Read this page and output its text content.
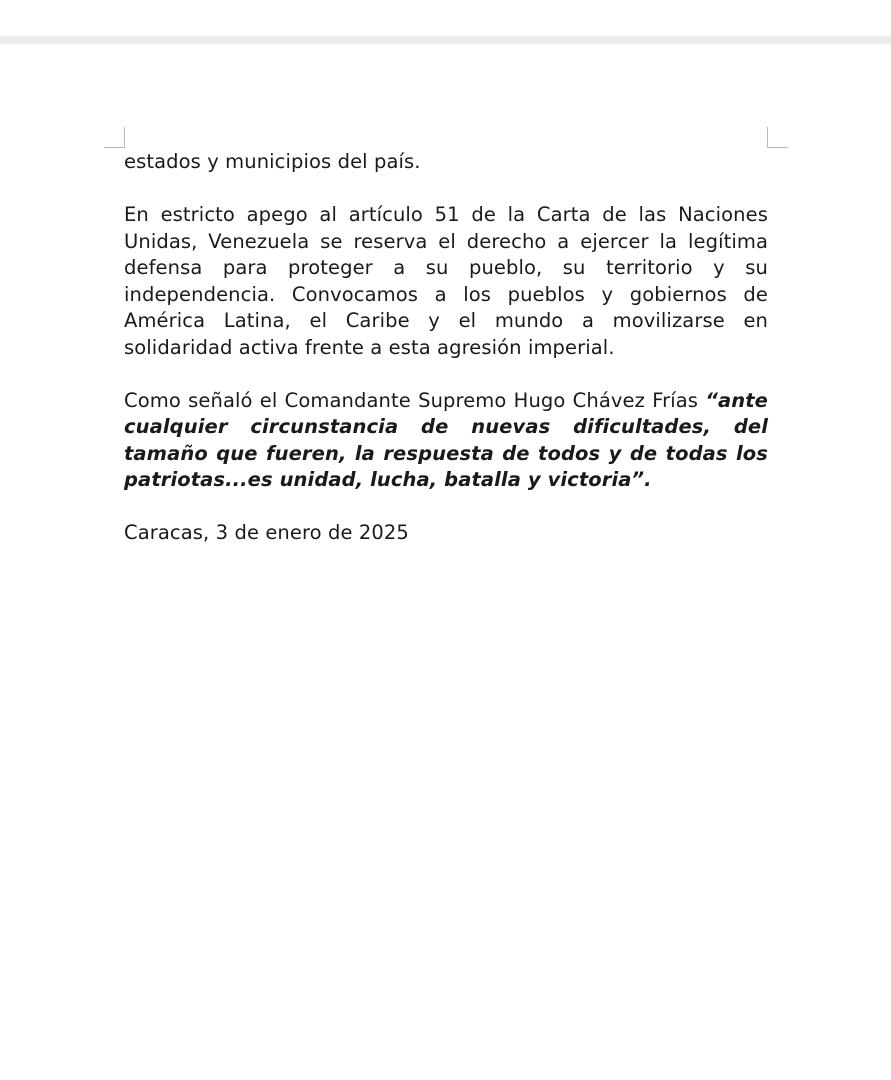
estados y municipios del país.

En estricto apego al artículo 51 de la Carta de las Naciones Unidas, Venezuela se reserva el derecho a ejercer la legítima defensa para proteger a su pueblo, su territorio y su independencia. Convocamos a los pueblos y gobiernos de América Latina, el Caribe y el mundo a movilizarse en solidaridad activa frente a esta agresión imperial.

Como señaló el Comandante Supremo Hugo Chávez Frías “ante cualquier circunstancia de nuevas dificultades, del tamaño que fueren, la respuesta de todos y de todas los patriotas...es unidad, lucha, batalla y victoria”.

Caracas, 3 de enero de 2025
